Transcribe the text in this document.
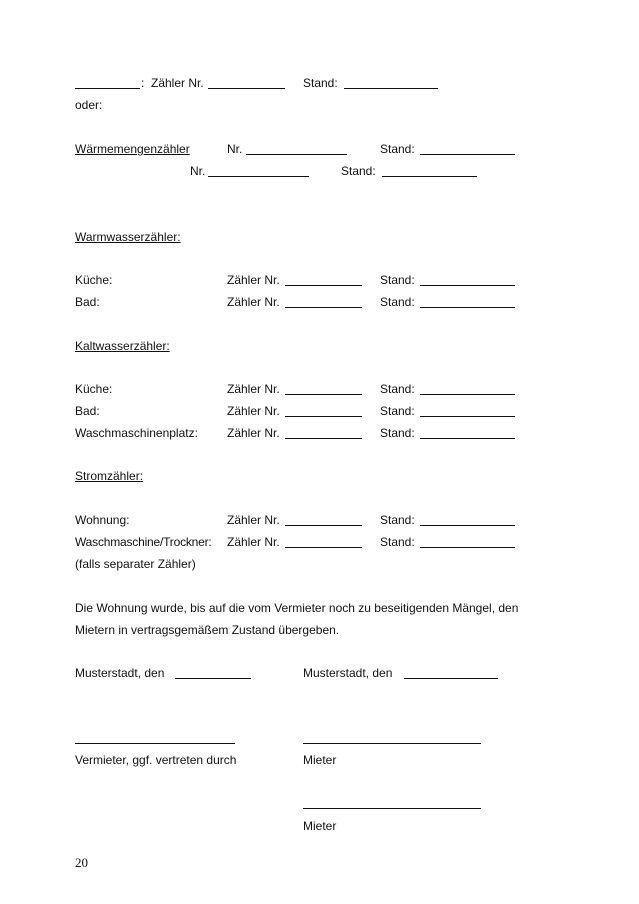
: Zähler Nr.	Stand:
oder:
Wärmemengenzähler	Nr.	Stand:
Nr.	Stand:
Warmwasserzähler:
Küche:	Zähler Nr.	Stand:
Bad:	Zähler Nr.	Stand:
Kaltwasserzähler:
Küche:	Zähler Nr.	Stand:
Bad:	Zähler Nr.	Stand:
Waschmaschinenplatz: Zähler Nr.	Stand:
Stromzähler:
Wohnung:	Zähler Nr.	Stand:
Waschmaschine/Trockner: Zähler Nr.	Stand:
(falls separater Zähler)
Die Wohnung wurde, bis auf die vom Vermieter noch zu beseitigenden Mängel, den
Mietern in vertragsgemäßem Zustand übergeben.
Musterstadt, den	Musterstadt, den
Vermieter, ggf. vertreten durch	Mieter
Mieter
20
